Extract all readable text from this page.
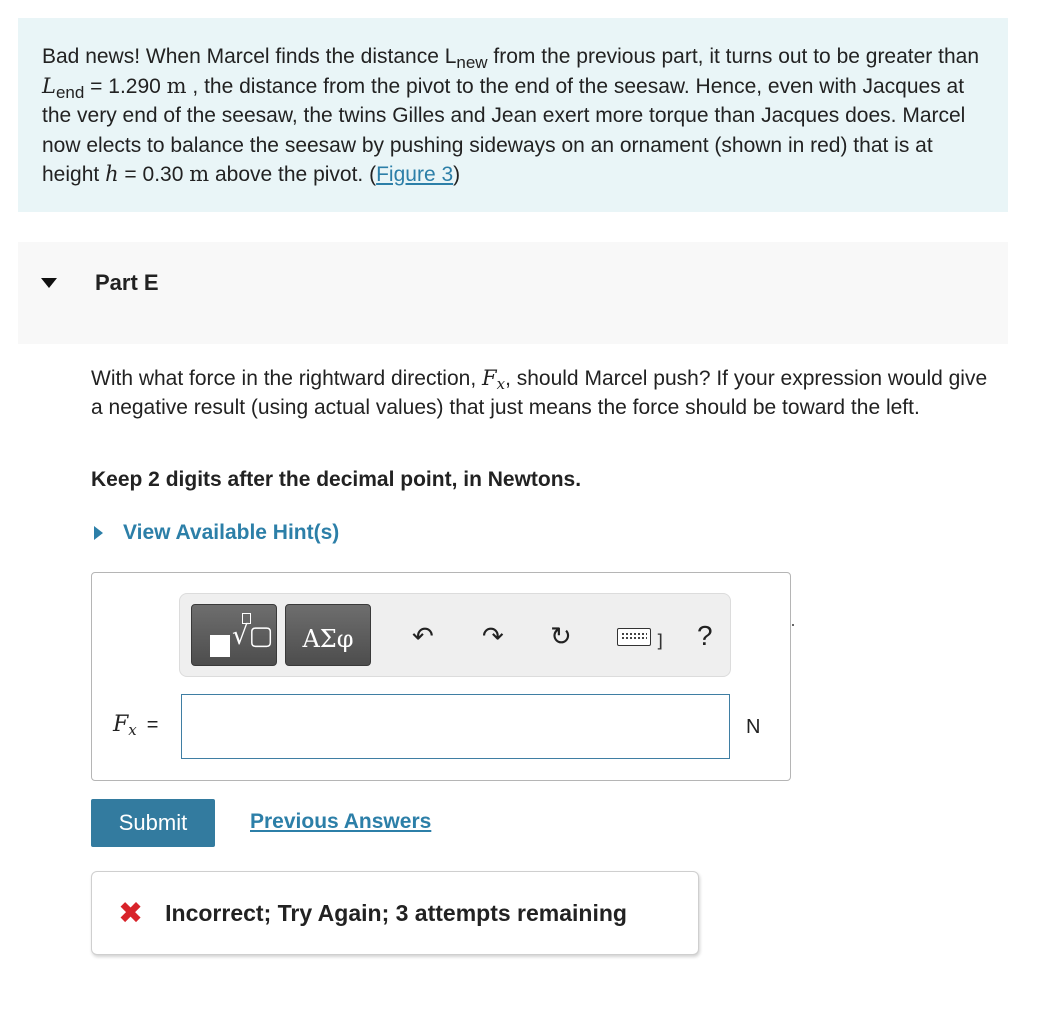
Bad news! When Marcel finds the distance $L_{new}$ from the previous part, it turns out to be greater than $L_{end} = 1.290$ m , the distance from the pivot to the end of the seesaw. Hence, even with Jacques at the very end of the seesaw, the twins Gilles and Jean exert more torque than Jacques does. Marcel now elects to balance the seesaw by pushing sideways on an ornament (shown in red) that is at height h = 0.30 m above the pivot. (Figure 3)
Part E
With what force in the rightward direction, $F_x$, should Marcel push? If your expression would give a negative result (using actual values) that just means the force should be toward the left.
Keep 2 digits after the decimal point, in Newtons.
View Available Hint(s)
√▢	ΑΣφ	↶ ↷ ↻	] ?
$F_x$ =	N
Submit	Previous Answers
✖ Incorrect; Try Again; 3 attempts remaining
